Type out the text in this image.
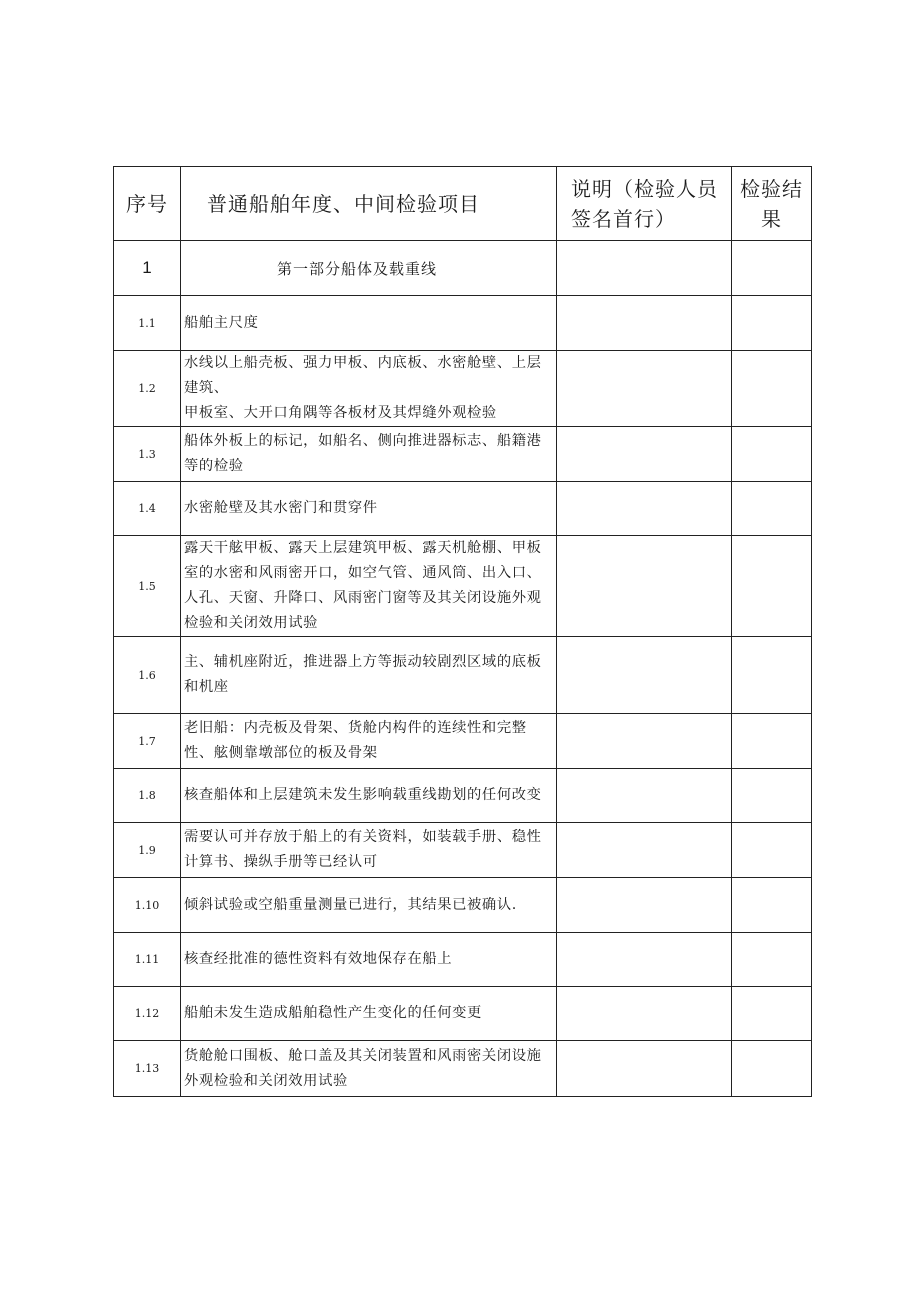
序号	普通船舶年度、中间检验项目	说明（检验人员签名首行）	检验结果
1	第一部分船体及载重线		
1.1	船舶主尺度		
1.2	水线以上船壳板、强力甲板、内底板、水密舱壁、上层建筑、
甲板室、大开口角隅等各板材及其焊缝外观检验		
1.3	船体外板上的标记，如船名、侧向推进器标志、船籍港等的检验		
1.4	水密舱壁及其水密门和贯穿件		
1.5	露天干舷甲板、露天上层建筑甲板、露天机舱棚、甲板室的水密和风雨密开口，如空气管、通风筒、出入口、人孔、天窗、升降口、风雨密门窗等及其关闭设施外观检验和关闭效用试验		
1.6	主、辅机座附近，推进器上方等振动较剧烈区域的底板和机座		
1.7	老旧船：内壳板及骨架、货舱内构件的连续性和完整性、舷侧靠墩部位的板及骨架		
1.8	核查船体和上层建筑未发生影响载重线勘划的任何改变		
1.9	需要认可并存放于船上的有关资料，如装载手册、稳性计算书、操纵手册等已经认可		
1.10	倾斜试验或空船重量测量已进行，其结果已被确认.		
1.11	核查经批准的德性资料有效地保存在船上		
1.12	船舶未发生造成船舶稳性产生变化的任何变更		
1.13	货舱舱口围板、舱口盖及其关闭装置和风雨密关闭设施外观检验和关闭效用试验		
